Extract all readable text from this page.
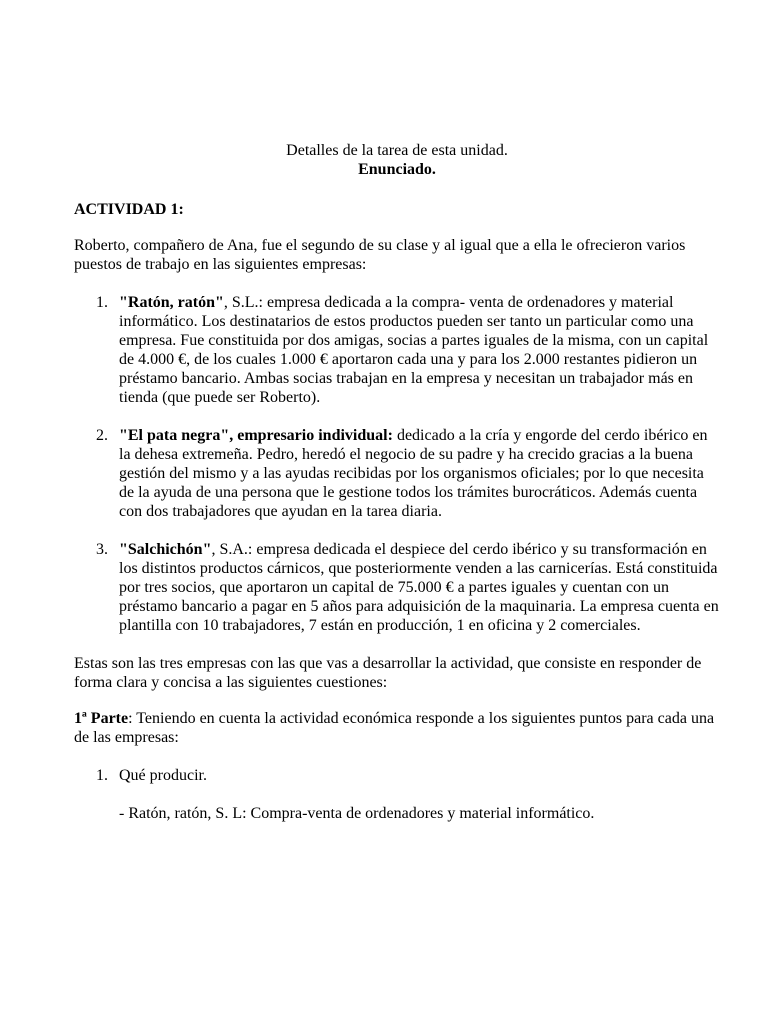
Detalles de la tarea de esta unidad.

Enunciado.

ACTIVIDAD 1:

Roberto, compañero de Ana, fue el segundo de su clase y al igual que a ella le ofrecieron varios puestos de trabajo en las siguientes empresas:

1. "Ratón, ratón", S.L.: empresa dedicada a la compra- venta de ordenadores y material informático. Los destinatarios de estos productos pueden ser tanto un particular como una empresa. Fue constituida por dos amigas, socias a partes iguales de la misma, con un capital de 4.000 €, de los cuales 1.000 € aportaron cada una y para los 2.000 restantes pidieron un préstamo bancario. Ambas socias trabajan en la empresa y necesitan un trabajador más en tienda (que puede ser Roberto).
2. "El pata negra", empresario individual: dedicado a la cría y engorde del cerdo ibérico en la dehesa extremeña. Pedro, heredó el negocio de su padre y ha crecido gracias a la buena gestión del mismo y a las ayudas recibidas por los organismos oficiales; por lo que necesita de la ayuda de una persona que le gestione todos los trámites burocráticos. Además cuenta con dos trabajadores que ayudan en la tarea diaria.
3. "Salchichón", S.A.: empresa dedicada el despiece del cerdo ibérico y su transformación en los distintos productos cárnicos, que posteriormente venden a las carnicerías. Está constituida por tres socios, que aportaron un capital de 75.000 € a partes iguales y cuentan con un préstamo bancario a pagar en 5 años para adquisición de la maquinaria. La empresa cuenta en plantilla con 10 trabajadores, 7 están en producción, 1 en oficina y 2 comerciales.

Estas son las tres empresas con las que vas a desarrollar la actividad, que consiste en responder de forma clara y concisa a las siguientes cuestiones:

1ª Parte: Teniendo en cuenta la actividad económica responde a los siguientes puntos para cada una de las empresas:

1. Qué producir.

- Ratón, ratón, S. L: Compra-venta de ordenadores y material informático.
